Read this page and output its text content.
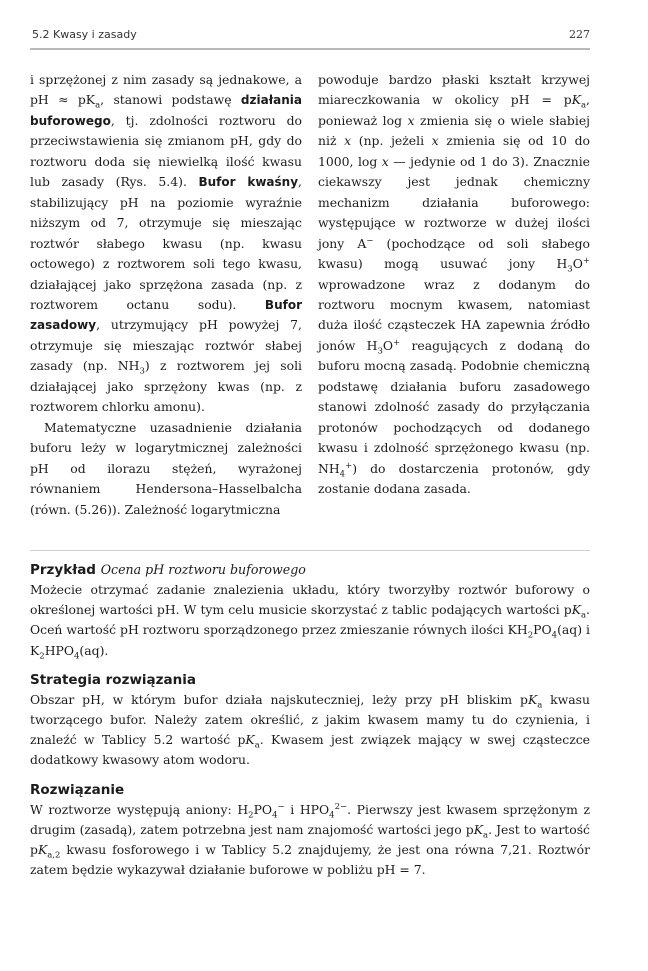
5.2 Kwasy i zasady	227

i sprzężonej z nim zasady są jednakowe, a pH ≈ $pK_a$, stanowi podstawę działania buforowego, tj. zdolności roztworu do przeciwstawienia się zmianom pH, gdy do roztworu doda się niewielką ilość kwasu lub zasady (Rys. 5.4). Bufor kwaśny, stabilizujący pH na poziomie wyraźnie niższym od 7, otrzymuje się mieszając roztwór słabego kwasu (np. kwasu octowego) z roztworem soli tego kwasu, działającej jako sprzężona zasada (np. z roztworem octanu sodu). Bufor zasadowy, utrzymujący pH powyżej 7, otrzymuje się mieszając roztwór słabej zasady (np. $NH_3$) z roztworem jej soli działającej jako sprzężony kwas (np. z roztworem chlorku amonu).

Matematyczne uzasadnienie działania buforu leży w logarytmicznej zależności pH od ilorazu stężeń, wyrażonej równaniem Hendersona–Hasselbalcha (równ. (5.26)). Zależność logarytmiczna

powoduje bardzo płaski kształt krzywej miareczkowania w okolicy pH = $pK_a$, ponieważ log x zmienia się o wiele słabiej niż x (np. jeżeli x zmienia się od 10 do 1000, log x — jedynie od 1 do 3). Znacznie ciekawszy jest jednak chemiczny mechanizm działania buforowego: występujące w roztworze w dużej ilości jony A− (pochodzące od soli słabego kwasu) mogą usuwać jony $H_3O^+$ wprowadzone wraz z dodanym do roztworu mocnym kwasem, natomiast duża ilość cząsteczek HA zapewnia źródło jonów $H_3O^+$ reagujących z dodaną do buforu mocną zasadą. Podobnie chemiczną podstawę działania buforu zasadowego stanowi zdolność zasady do przyłączania protonów pochodzących od dodanego kwasu i zdolność sprzężonego kwasu (np. $NH_4^+$) do dostarczenia protonów, gdy zostanie dodana zasada.

Przykład Ocena pH roztworu buforowego

Możecie otrzymać zadanie znalezienia układu, który tworzyłby roztwór buforowy o określonej wartości pH. W tym celu musicie skorzystać z tablic podających wartości $pK_a$. Oceń wartość pH roztworu sporządzonego przez zmieszanie równych ilości $KH_2PO_4(aq)$ i $K_2HPO_4(aq)$.

Strategia rozwiązania

Obszar pH, w którym bufor działa najskuteczniej, leży przy pH bliskim $pK_a$ kwasu tworzącego bufor. Należy zatem określić, z jakim kwasem mamy tu do czynienia, i znaleźć w Tablicy 5.2 wartość $pK_a$. Kwasem jest związek mający w swej cząsteczce dodatkowy kwasowy atom wodoru.

Rozwiązanie

W roztworze występują aniony: $H_2PO_4^-$ i $HPO_4^{2-}$. Pierwszy jest kwasem sprzężonym z drugim (zasadą), zatem potrzebna jest nam znajomość wartości jego $pK_a$. Jest to wartość $pK_{a,2}$ kwasu fosforowego i w Tablicy 5.2 znajdujemy, że jest ona równa 7,21. Roztwór zatem będzie wykazywał działanie buforowe w pobliżu pH = 7.
